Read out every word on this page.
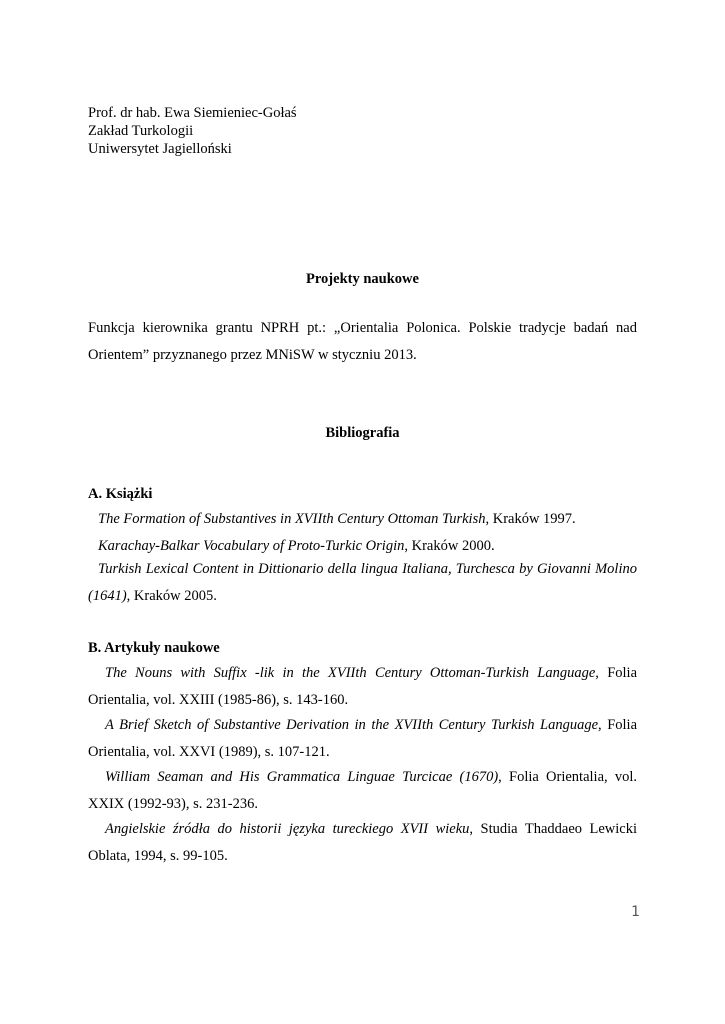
Prof. dr hab. Ewa Siemieniec-Gołaś
Zakład Turkologii
Uniwersytet Jagielloński
Projekty naukowe
Funkcja kierownika grantu NPRH pt.: „Orientalia Polonica. Polskie tradycje badań nad Orientem” przyznanego przez MNiSW w styczniu 2013.
Bibliografia
A. Książki
The Formation of Substantives in XVIIth Century Ottoman Turkish, Kraków 1997.
Karachay-Balkar Vocabulary of Proto-Turkic Origin, Kraków 2000.
Turkish Lexical Content in Dittionario della lingua Italiana, Turchesca by Giovanni Molino (1641), Kraków 2005.
B. Artykuły naukowe
The Nouns with Suffix -lik in the XVIIth Century Ottoman-Turkish Language, Folia Orientalia, vol. XXIII (1985-86), s. 143-160.
A Brief Sketch of Substantive Derivation in the XVIIth Century Turkish Language, Folia Orientalia, vol. XXVI (1989), s. 107-121.
William Seaman and His Grammatica Linguae Turcicae (1670), Folia Orientalia, vol. XXIX (1992-93), s. 231-236.
Angielskie źródła do historii języka tureckiego XVII wieku, Studia Thaddaeo Lewicki Oblata, 1994, s. 99-105.
1
